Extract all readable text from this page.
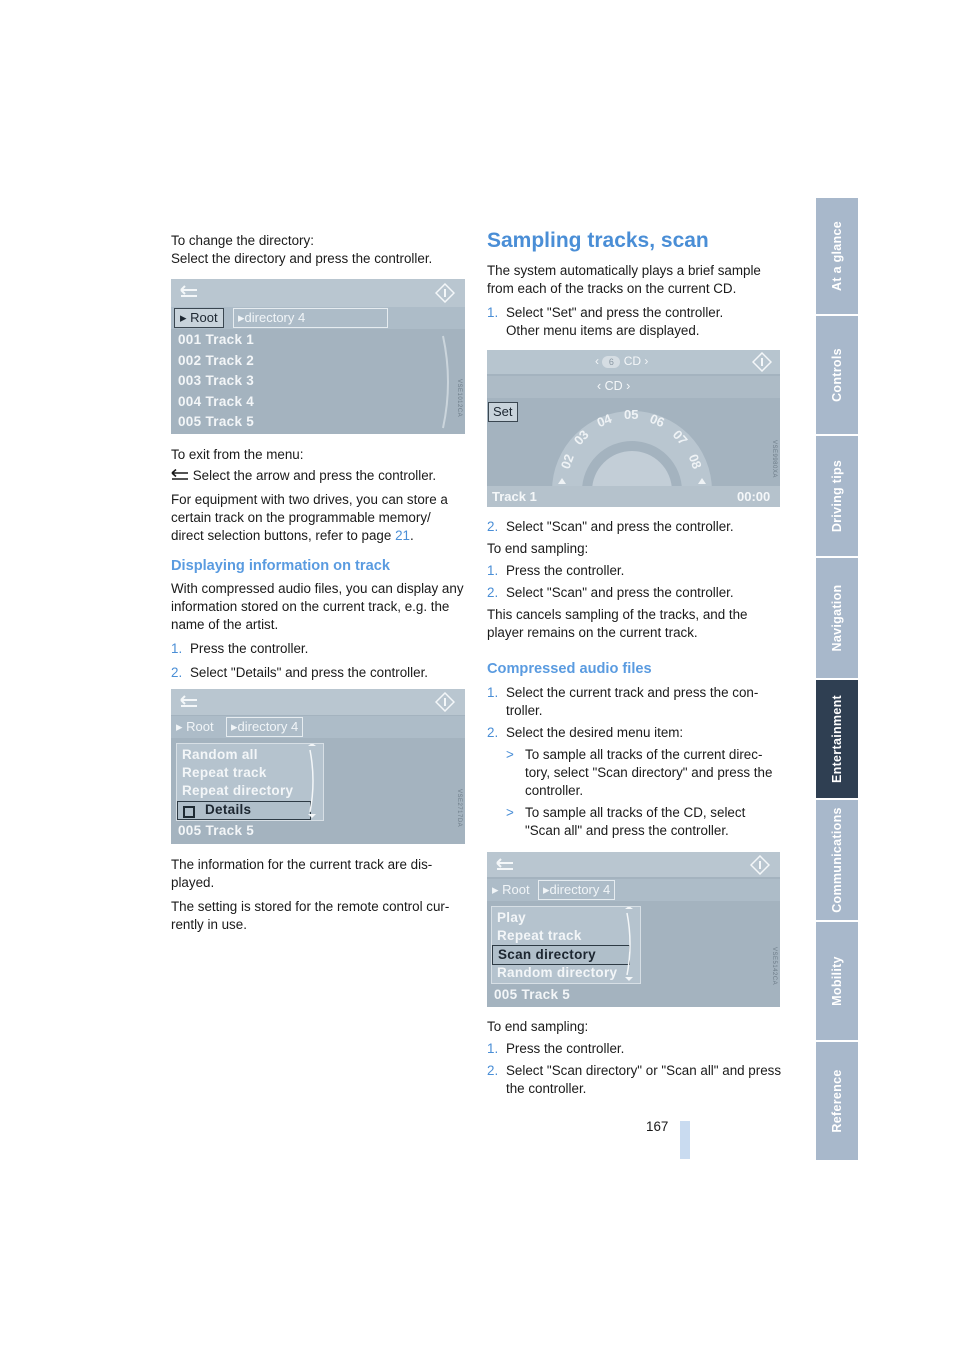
To change the directory:

Select the directory and press the controller.

▸ Root	▸directory 4
001 Track 1
002 Track 2
003 Track 3
004 Track 4
005 Track 5
VSE1012CA

To exit from the menu:

Select the arrow and press the controller.

For equipment with two drives, you can store a certain track on the programmable memory/ direct selection buttons, refer to page 21.

Displaying information on track

With compressed audio files, you can display any information stored on the current track, e.g. the name of the artist.

1. Press the controller.

2. Select "Details" and press the controller.

▸ Root	▸directory 4
Random all
Repeat track
Repeat directory
Details
005 Track 5
VSE2717DA

The information for the current track are dis-played.

The setting is stored for the remote control cur-rently in use.

Sampling tracks, scan

The system automatically plays a brief sample from each of the tracks on the current CD.

1. Select "Set" and press the controller.
Other menu items are displayed.

‹ 6 CD ›
‹ CD ›
Set
02
03
04 05 06
07
08
Track 1	00:00
VSE9980XA

2. Select "Scan" and press the controller.

To end sampling:

1. Press the controller.

2. Select "Scan" and press the controller.

This cancels sampling of the tracks, and the player remains on the current track.

Compressed audio files

1. Select the current track and press the con-troller.

2. Select the desired menu item:

> To sample all tracks of the current direc-tory, select "Scan directory" and press the controller.

> To sample all tracks of the CD, select "Scan all" and press the controller.

▸ Root	▸directory 4
Play
Repeat track
Scan directory
Random directory
005 Track 5
VSE5142CA

To end sampling:

1. Press the controller.

2. Select "Scan directory" or "Scan all" and press the controller.

167
At a glance
Controls
Driving tips
Navigation
Entertainment
Communications
Mobility
Reference
